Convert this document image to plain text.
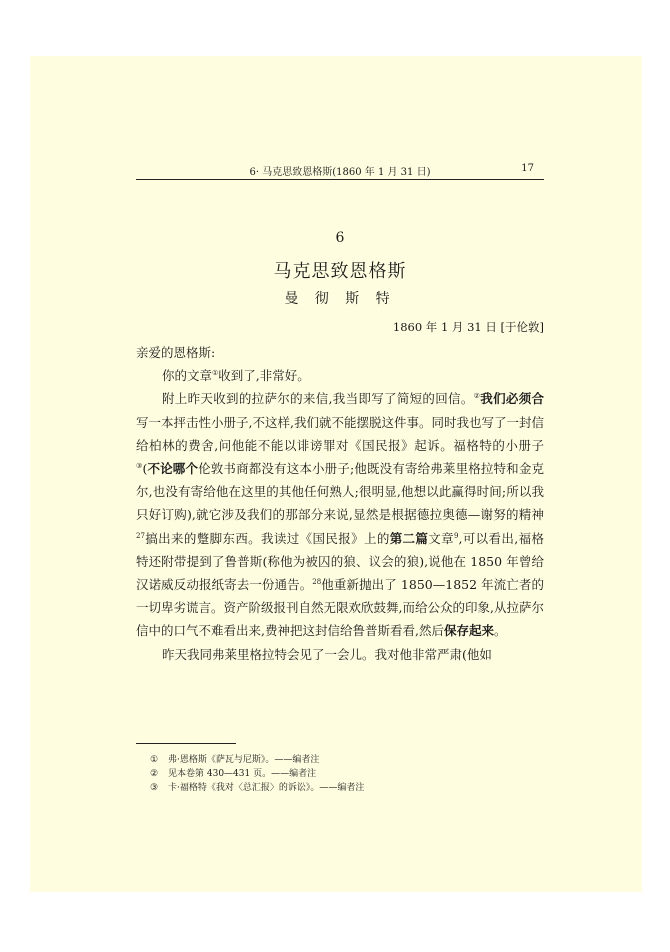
6· 马克思致恩格斯(1860 年 1 月 31 日)	17
6
马克思致恩格斯
曼 彻 斯 特
1860 年 1 月 31 日 [于伦敦]

亲爱的恩格斯:

你的文章①收到了,非常好。

附上昨天收到的拉萨尔的来信,我当即写了简短的回信。②我们必须合写一本抨击性小册子,不这样,我们就不能摆脱这件事。同时我也写了一封信给柏林的费舍,问他能不能以诽谤罪对《国民报》起诉。福格特的小册子③(不论哪个伦敦书商都没有这本小册子;他既没有寄给弗莱里格拉特和金克尔,也没有寄给他在这里的其他任何熟人;很明显,他想以此赢得时间;所以我只好订购),就它涉及我们的那部分来说,显然是根据德拉奥德—谢努的精神$^{27}$搞出来的蹩脚东西。我读过《国民报》上的第二篇文章$^9$,可以看出,福格特还附带提到了鲁普斯(称他为被囚的狼、议会的狼),说他在 1850 年曾给汉诺威反动报纸寄去一份通告。$^{28}$他重新抛出了 1850—1852 年流亡者的一切卑劣谎言。资产阶级报刊自然无限欢欣鼓舞,而给公众的印象,从拉萨尔信中的口气不难看出来,费神把这封信给鲁普斯看看,然后保存起来。

昨天我同弗莱里格拉特会见了一会儿。我对他非常严肃(他如

① 弗·恩格斯《萨瓦与尼斯》。——编者注
② 见本卷第 430—431 页。——编者注
③ 卡·福格特《我对〈总汇报〉的诉讼》。——编者注
